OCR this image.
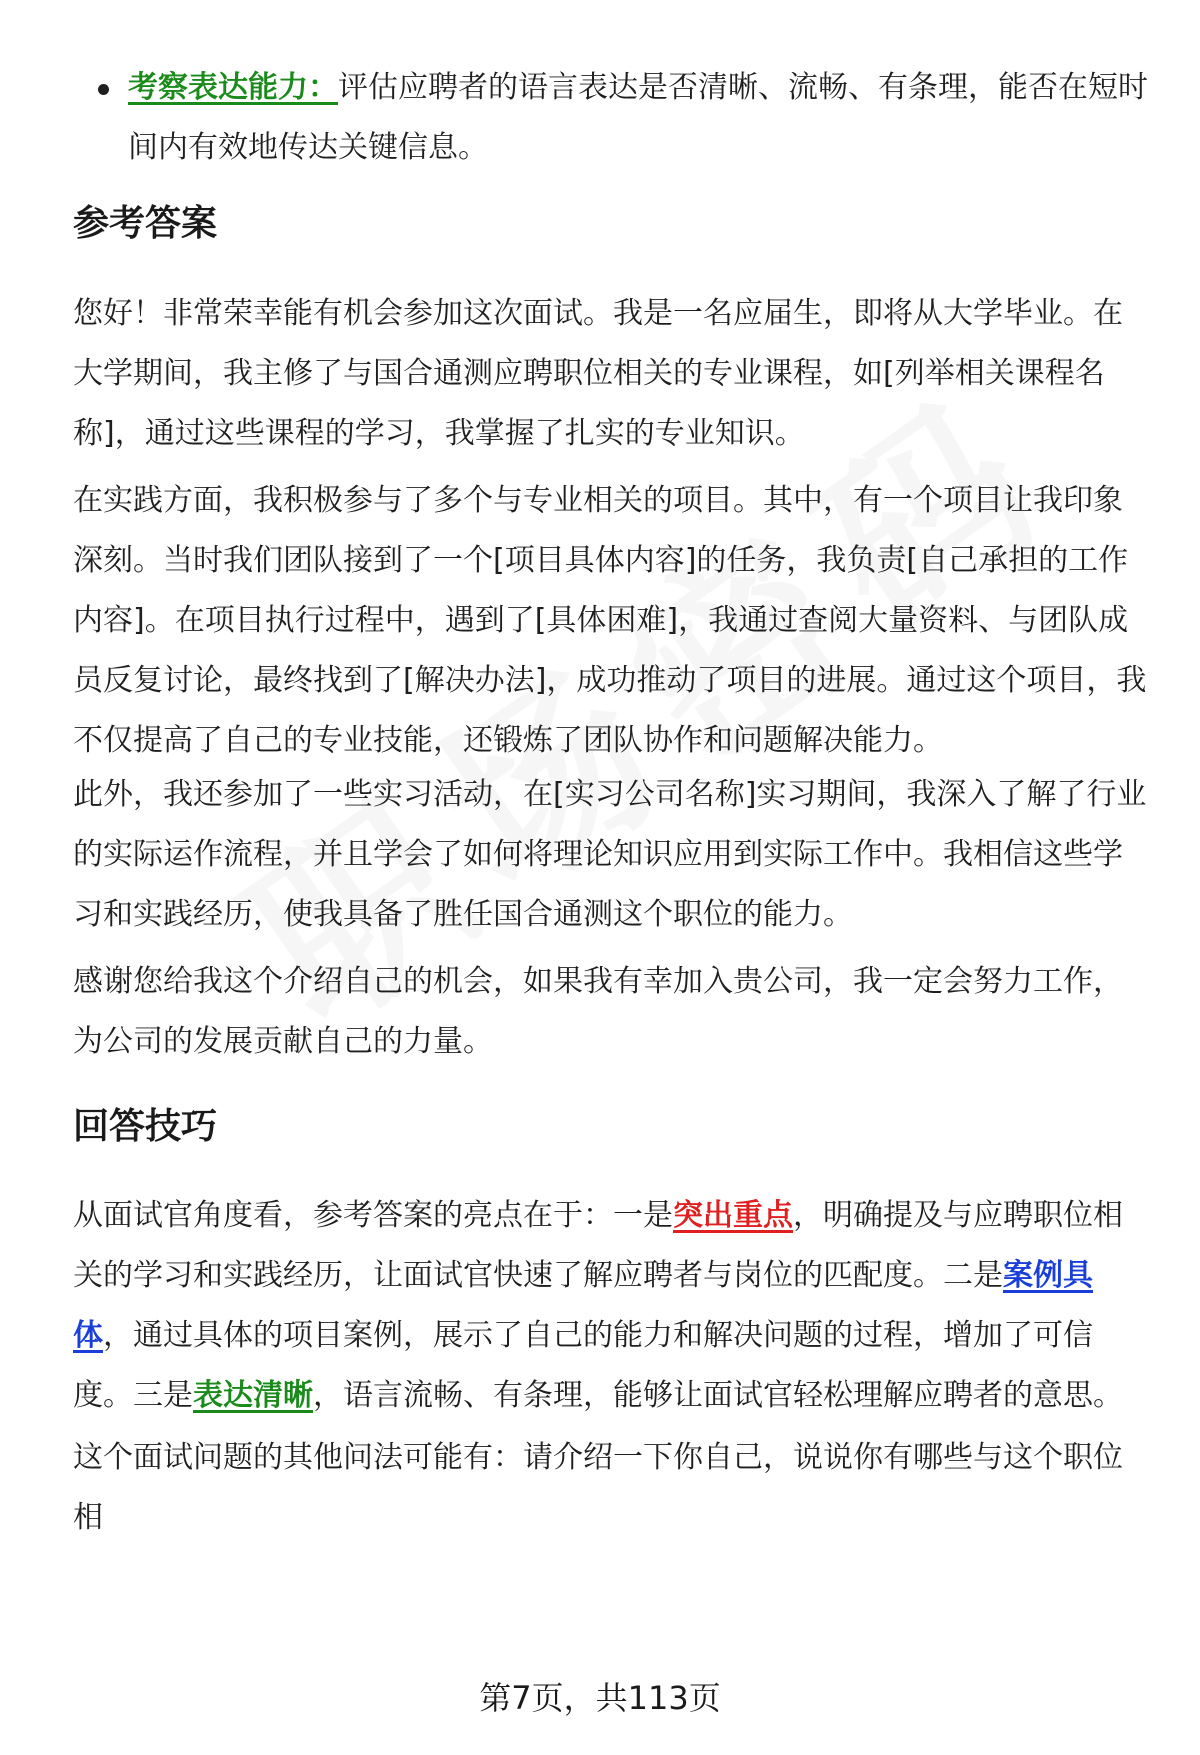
考察表达能力：评估应聘者的语言表达是否清晰、流畅、有条理，能否在短时间内有效地传达关键信息。

参考答案

您好！非常荣幸能有机会参加这次面试。我是一名应届生，即将从大学毕业。在大学期间，我主修了与国合通测应聘职位相关的专业课程，如[列举相关课程名称]，通过这些课程的学习，我掌握了扎实的专业知识。

在实践方面，我积极参与了多个与专业相关的项目。其中，有一个项目让我印象深刻。当时我们团队接到了一个[项目具体内容]的任务，我负责[自己承担的工作内容]。在项目执行过程中，遇到了[具体困难]，我通过查阅大量资料、与团队成员反复讨论，最终找到了[解决办法]，成功推动了项目的进展。通过这个项目，我不仅提高了自己的专业技能，还锻炼了团队协作和问题解决能力。

此外，我还参加了一些实习活动，在[实习公司名称]实习期间，我深入了解了行业的实际运作流程，并且学会了如何将理论知识应用到实际工作中。我相信这些学习和实践经历，使我具备了胜任国合通测这个职位的能力。

感谢您给我这个介绍自己的机会，如果我有幸加入贵公司，我一定会努力工作，为公司的发展贡献自己的力量。

回答技巧

从面试官角度看，参考答案的亮点在于：一是突出重点，明确提及与应聘职位相关的学习和实践经历，让面试官快速了解应聘者与岗位的匹配度。二是案例具体，通过具体的项目案例，展示了自己的能力和解决问题的过程，增加了可信度。三是表达清晰，语言流畅、有条理，能够让面试官轻松理解应聘者的意思。

这个面试问题的其他问法可能有：请介绍一下你自己，说说你有哪些与这个职位相

第7页，共113页
